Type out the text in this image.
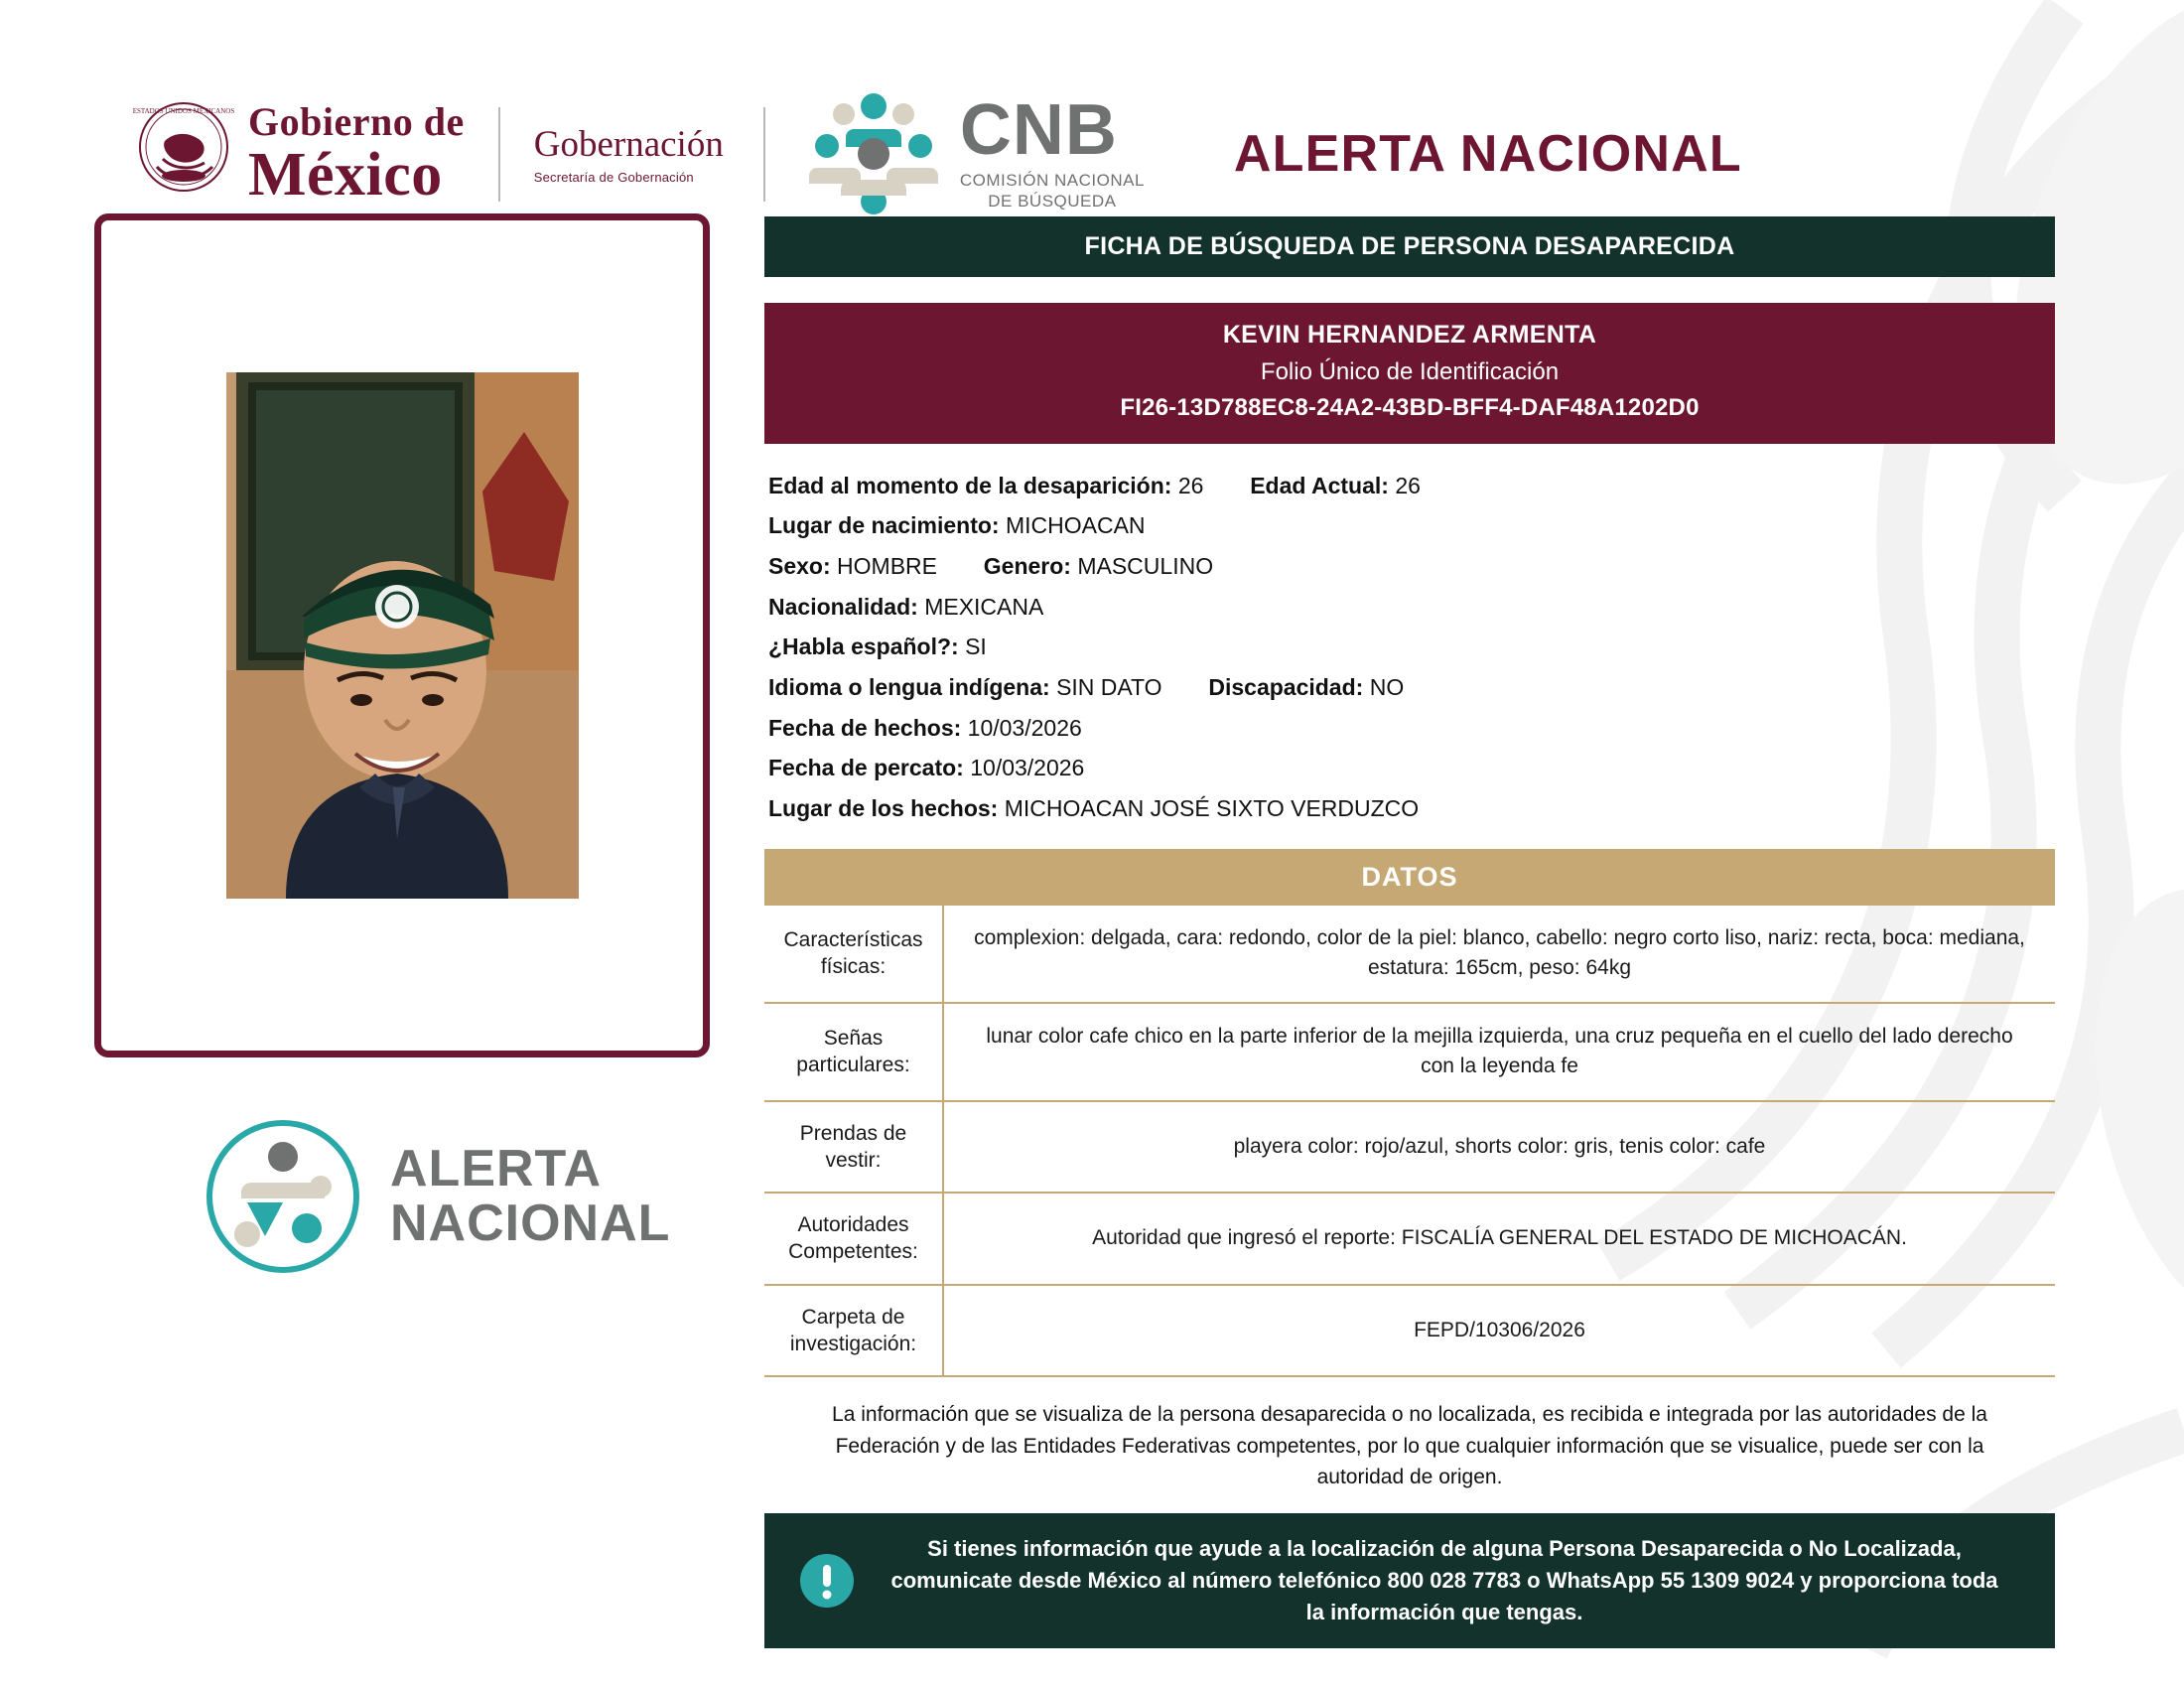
ESTADOS UNIDOS MEXICANOS Gobierno de
México	Gobernación
Secretaría de Gobernación
CNB
COMISIÓN NACIONAL
DE BÚSQUEDA
ALERTA NACIONAL
ALERTA
NACIONAL
FICHA DE BÚSQUEDA DE PERSONA DESAPARECIDA
KEVIN HERNANDEZ ARMENTA
Folio Único de Identificación
FI26-13D788EC8-24A2-43BD-BFF4-DAF48A1202D0
Edad al momento de la desaparición: 26 Edad Actual: 26
Lugar de nacimiento: MICHOACAN
Sexo: HOMBRE Genero: MASCULINO
Nacionalidad: MEXICANA
¿Habla español?: SI
Idioma o lengua indígena: SIN DATO Discapacidad: NO
Fecha de hechos: 10/03/2026
Fecha de percato: 10/03/2026
Lugar de los hechos: MICHOACAN JOSÉ SIXTO VERDUZCO
DATOS
Características físicas:	complexion: delgada, cara: redondo, color de la piel: blanco, cabello: negro corto liso, nariz: recta, boca: mediana, estatura: 165cm, peso: 64kg
Señas particulares:	lunar color cafe chico en la parte inferior de la mejilla izquierda, una cruz pequeña en el cuello del lado derecho con la leyenda fe
Prendas de vestir:	playera color: rojo/azul, shorts color: gris, tenis color: cafe
Autoridades Competentes:	Autoridad que ingresó el reporte: FISCALÍA GENERAL DEL ESTADO DE MICHOACÁN.
Carpeta de investigación:	FEPD/10306/2026
La información que se visualiza de la persona desaparecida o no localizada, es recibida e integrada por las autoridades de la Federación y de las Entidades Federativas competentes, por lo que cualquier información que se visualice, puede ser con la autoridad de origen.
Si tienes información que ayude a la localización de alguna Persona Desaparecida o No Localizada, comunicate desde México al número telefónico 800 028 7783 o WhatsApp 55 1309 9024 y proporciona toda la información que tengas.
